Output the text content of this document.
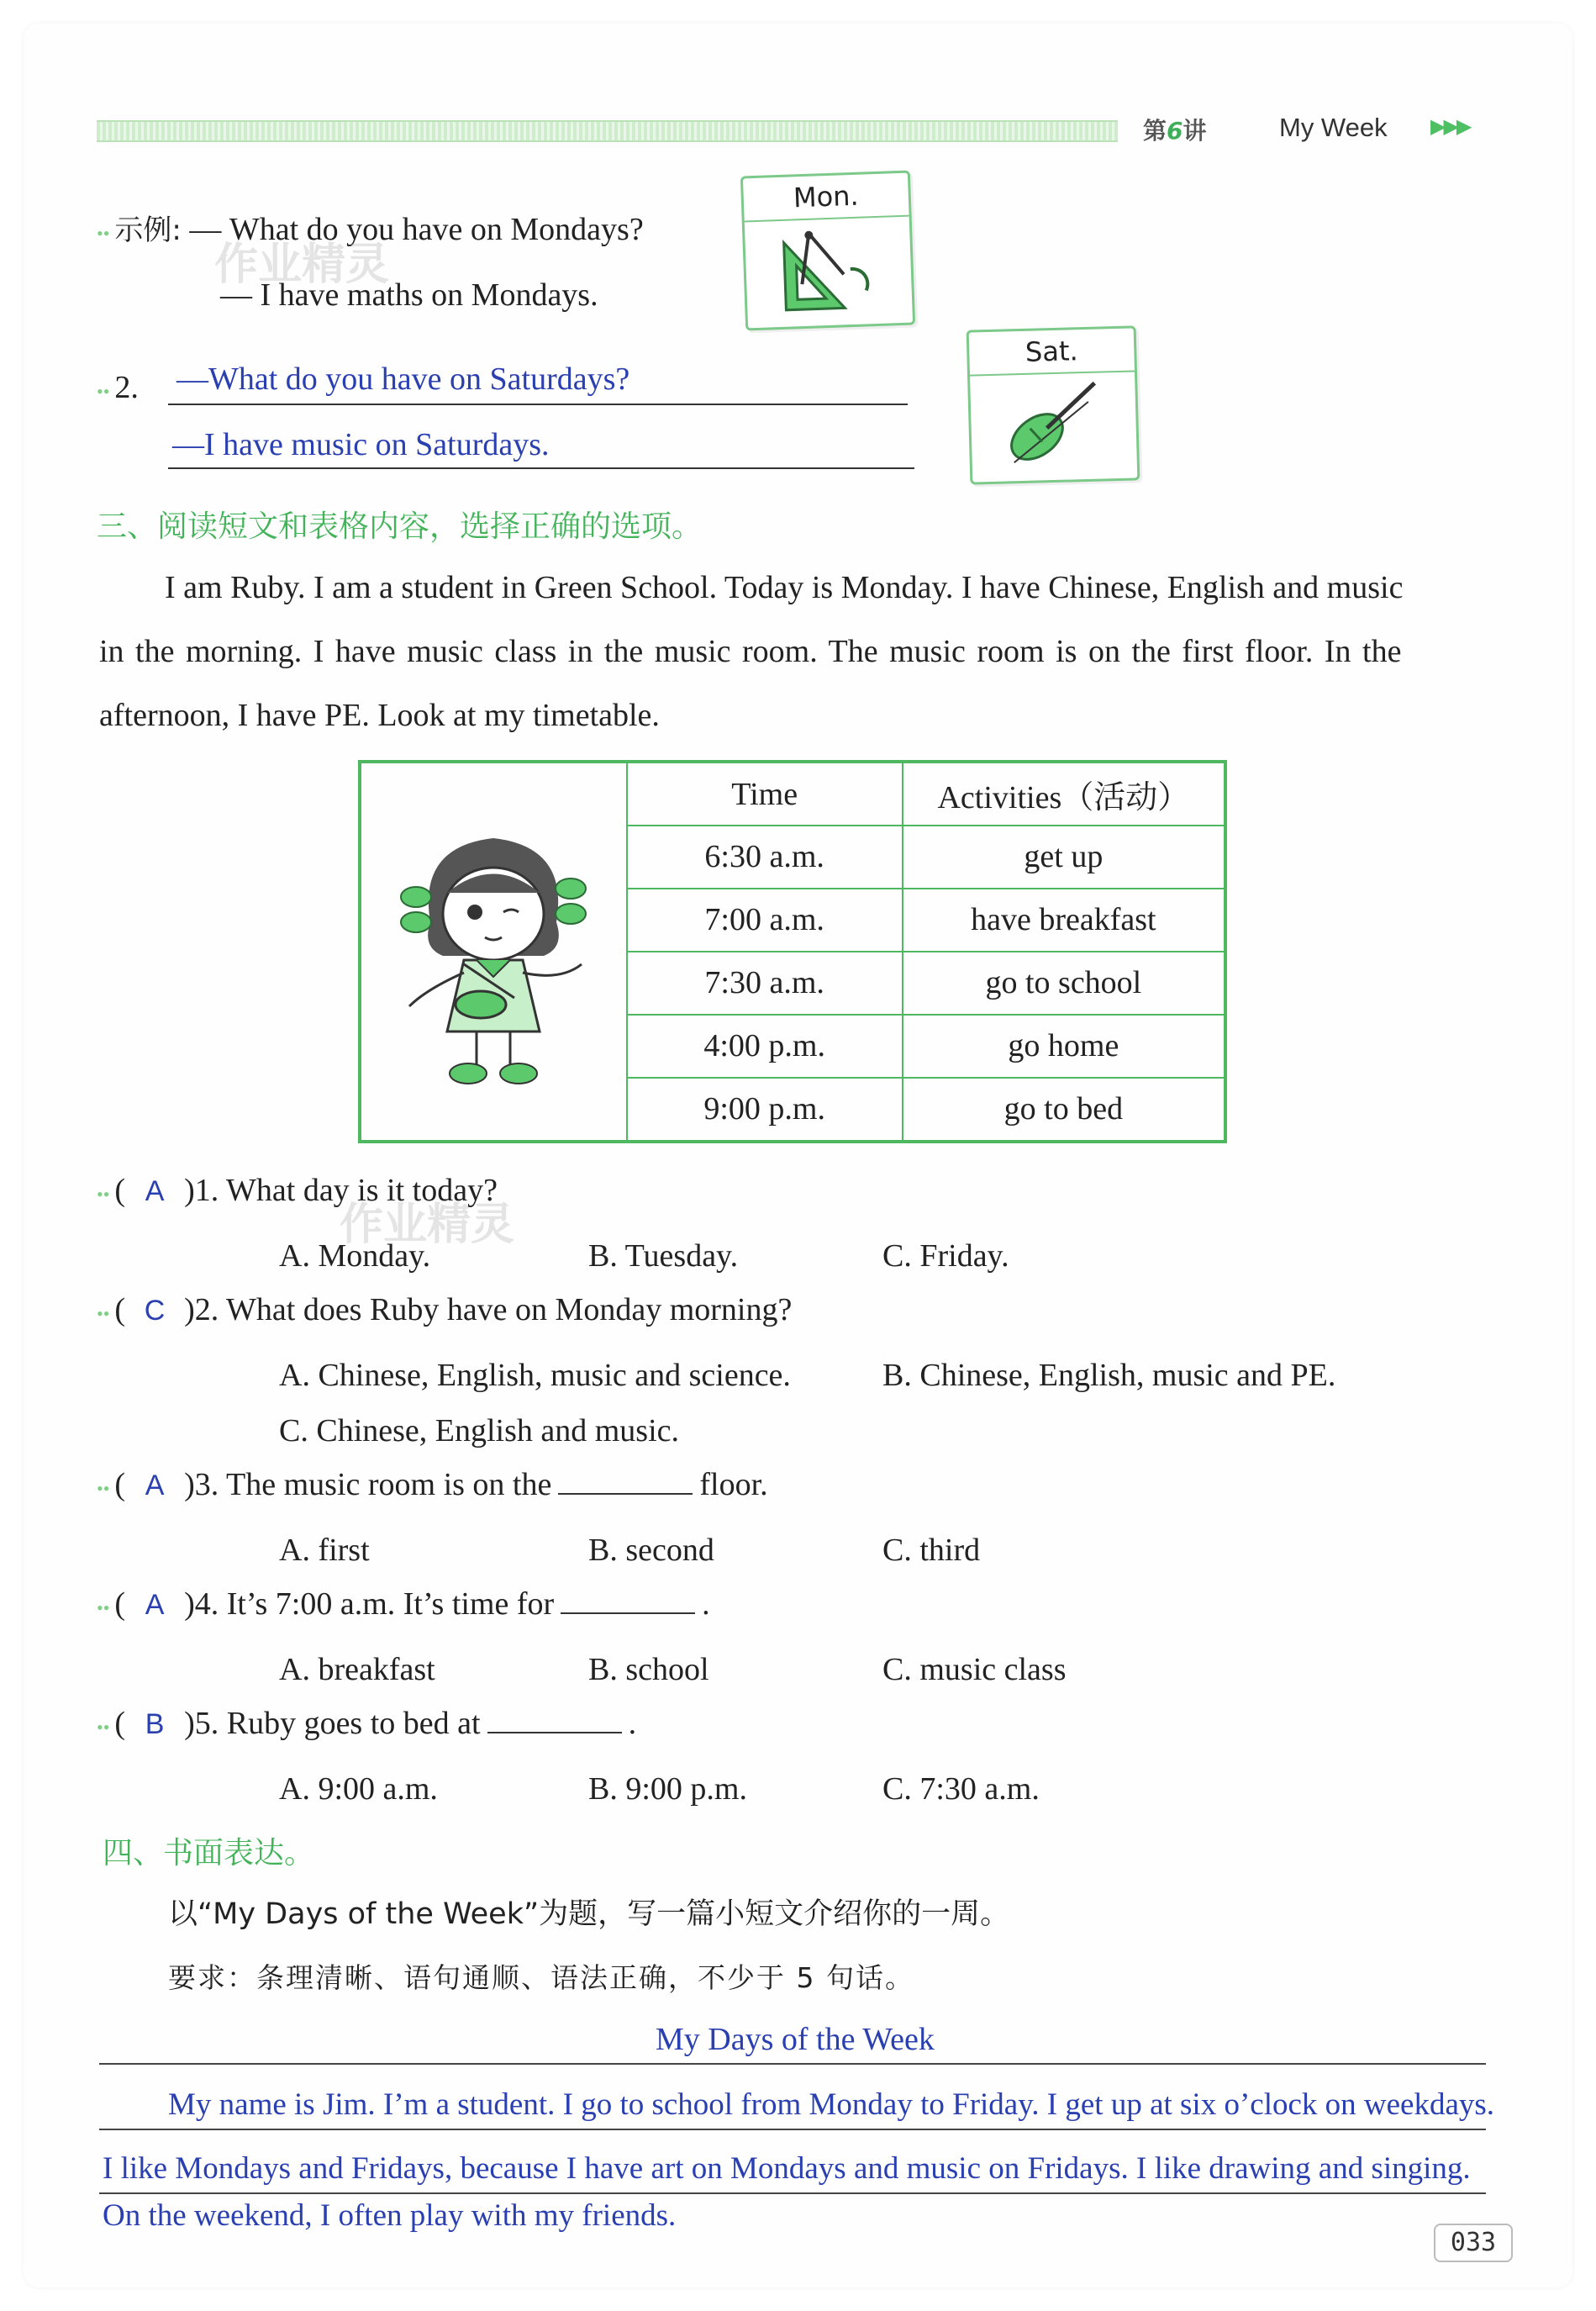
第6讲	My Week ▶▶▶
•• 示例: — What do you have on Mondays?
— I have maths on Mondays.
作业精灵
Mon.
•• 2. —What do you have on Saturdays?
—I have music on Saturdays.
Sat.
三、阅读短文和表格内容，选择正确的选项。
I am Ruby. I am a student in Green School. Today is Monday. I have Chinese, English and music
in the morning. I have music class in the music room. The music room is on the first floor. In the
afternoon, I have PE. Look at my timetable.
	Time	Activities（活动）
	6:30 a.m.	get up
	7:00 a.m.	have breakfast
	7:30 a.m.	go to school
	4:00 p.m.	go home
	9:00 p.m.	go to bed
•• ( A )1. What day is it today?
作业精灵
A. Monday.	B. Tuesday.	C. Friday.
•• ( C )2. What does Ruby have on Monday morning?
A. Chinese, English, music and science.	B. Chinese, English, music and PE.
C. Chinese, English and music.
•• ( A )3. The music room is on the	floor.
A. first	B. second	C. third
•• ( A )4. It’s 7:00 a.m. It’s time for	.
A. breakfast	B. school	C. music class
•• ( B )5. Ruby goes to bed at	.
A. 9:00 a.m.	B. 9:00 p.m.	C. 7:30 a.m.
四、书面表达。
以“My Days of the Week”为题，写一篇小短文介绍你的一周。
要求：条理清晰、语句通顺、语法正确，不少于 5 句话。
My Days of the Week
My name is Jim. I’m a student. I go to school from Monday to Friday. I get up at six o’clock on weekdays.
I like Mondays and Fridays, because I have art on Mondays and music on Fridays. I like drawing and singing.
On the weekend, I often play with my friends.
033
